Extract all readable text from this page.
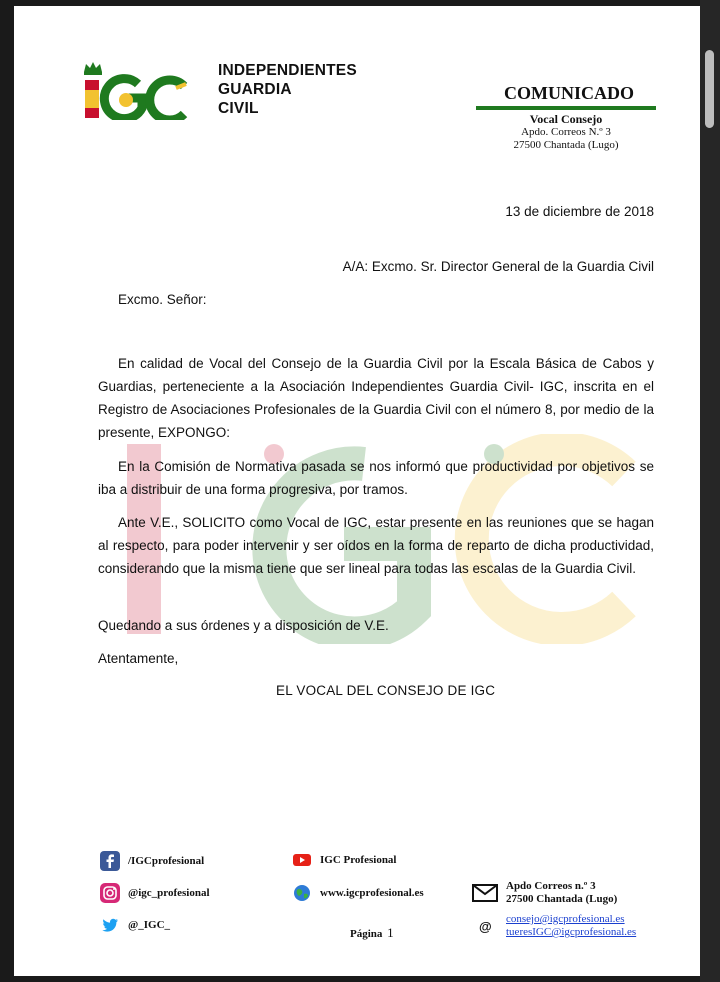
INDEPENDIENTES
GUARDIA
CIVIL
COMUNICADO
Vocal Consejo
Apdo. Correos N.º 3
27500 Chantada (Lugo)
13 de diciembre de 2018
A/A: Excmo. Sr. Director General de la Guardia Civil
Excmo. Señor:
En calidad de Vocal del Consejo de la Guardia Civil por la Escala Básica de Cabos y Guardias, perteneciente a la Asociación Independientes Guardia Civil- IGC, inscrita en el Registro de Asociaciones Profesionales de la Guardia Civil con el número 8, por medio de la presente, EXPONGO:
En la Comisión de Normativa pasada se nos informó que productividad por objetivos se iba a distribuir de una forma progresiva, por tramos.
Ante V.E., SOLICITO como Vocal de IGC, estar presente en las reuniones que se hagan al respecto, para poder intervenir y ser oídos en la forma de reparto de dicha productividad, considerando que la misma tiene que ser lineal para todas las escalas de la Guardia Civil.
Quedando a sus órdenes y a disposición de V.E.
Atentamente,
EL VOCAL DEL CONSEJO DE IGC
/IGCprofesional
@igc_profesional
@_IGC_
IGC Profesional
www.igcprofesional.es
Página 1
Apdo Correos n.º 3
27500 Chantada (Lugo)
@ consejo@igcprofesional.es
tueresIGC@igcprofesional.es
